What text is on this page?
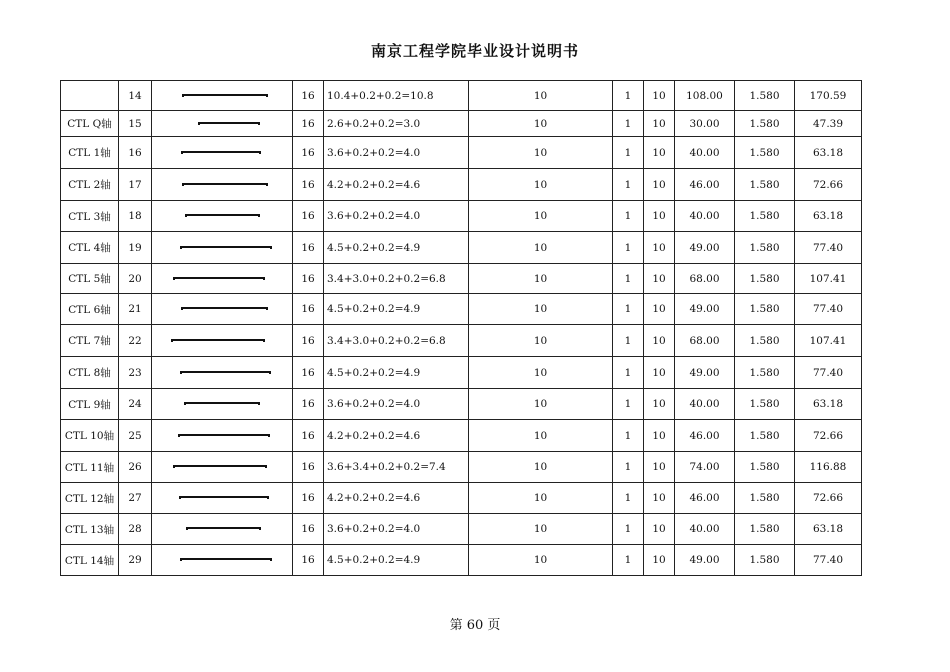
南京工程学院毕业设计说明书
	14		16	10.4+0.2+0.2=10.8	10	1	10	108.00	1.580	170.59
CTL Q轴	15		16	2.6+0.2+0.2=3.0	10	1	10	30.00	1.580	47.39
CTL 1轴	16		16	3.6+0.2+0.2=4.0	10	1	10	40.00	1.580	63.18
CTL 2轴	17		16	4.2+0.2+0.2=4.6	10	1	10	46.00	1.580	72.66
CTL 3轴	18		16	3.6+0.2+0.2=4.0	10	1	10	40.00	1.580	63.18
CTL 4轴	19		16	4.5+0.2+0.2=4.9	10	1	10	49.00	1.580	77.40
CTL 5轴	20		16	3.4+3.0+0.2+0.2=6.8	10	1	10	68.00	1.580	107.41
CTL 6轴	21		16	4.5+0.2+0.2=4.9	10	1	10	49.00	1.580	77.40
CTL 7轴	22		16	3.4+3.0+0.2+0.2=6.8	10	1	10	68.00	1.580	107.41
CTL 8轴	23		16	4.5+0.2+0.2=4.9	10	1	10	49.00	1.580	77.40
CTL 9轴	24		16	3.6+0.2+0.2=4.0	10	1	10	40.00	1.580	63.18
CTL 10轴	25		16	4.2+0.2+0.2=4.6	10	1	10	46.00	1.580	72.66
CTL 11轴	26		16	3.6+3.4+0.2+0.2=7.4	10	1	10	74.00	1.580	116.88
CTL 12轴	27		16	4.2+0.2+0.2=4.6	10	1	10	46.00	1.580	72.66
CTL 13轴	28		16	3.6+0.2+0.2=4.0	10	1	10	40.00	1.580	63.18
CTL 14轴	29		16	4.5+0.2+0.2=4.9	10	1	10	49.00	1.580	77.40
第 60 页
